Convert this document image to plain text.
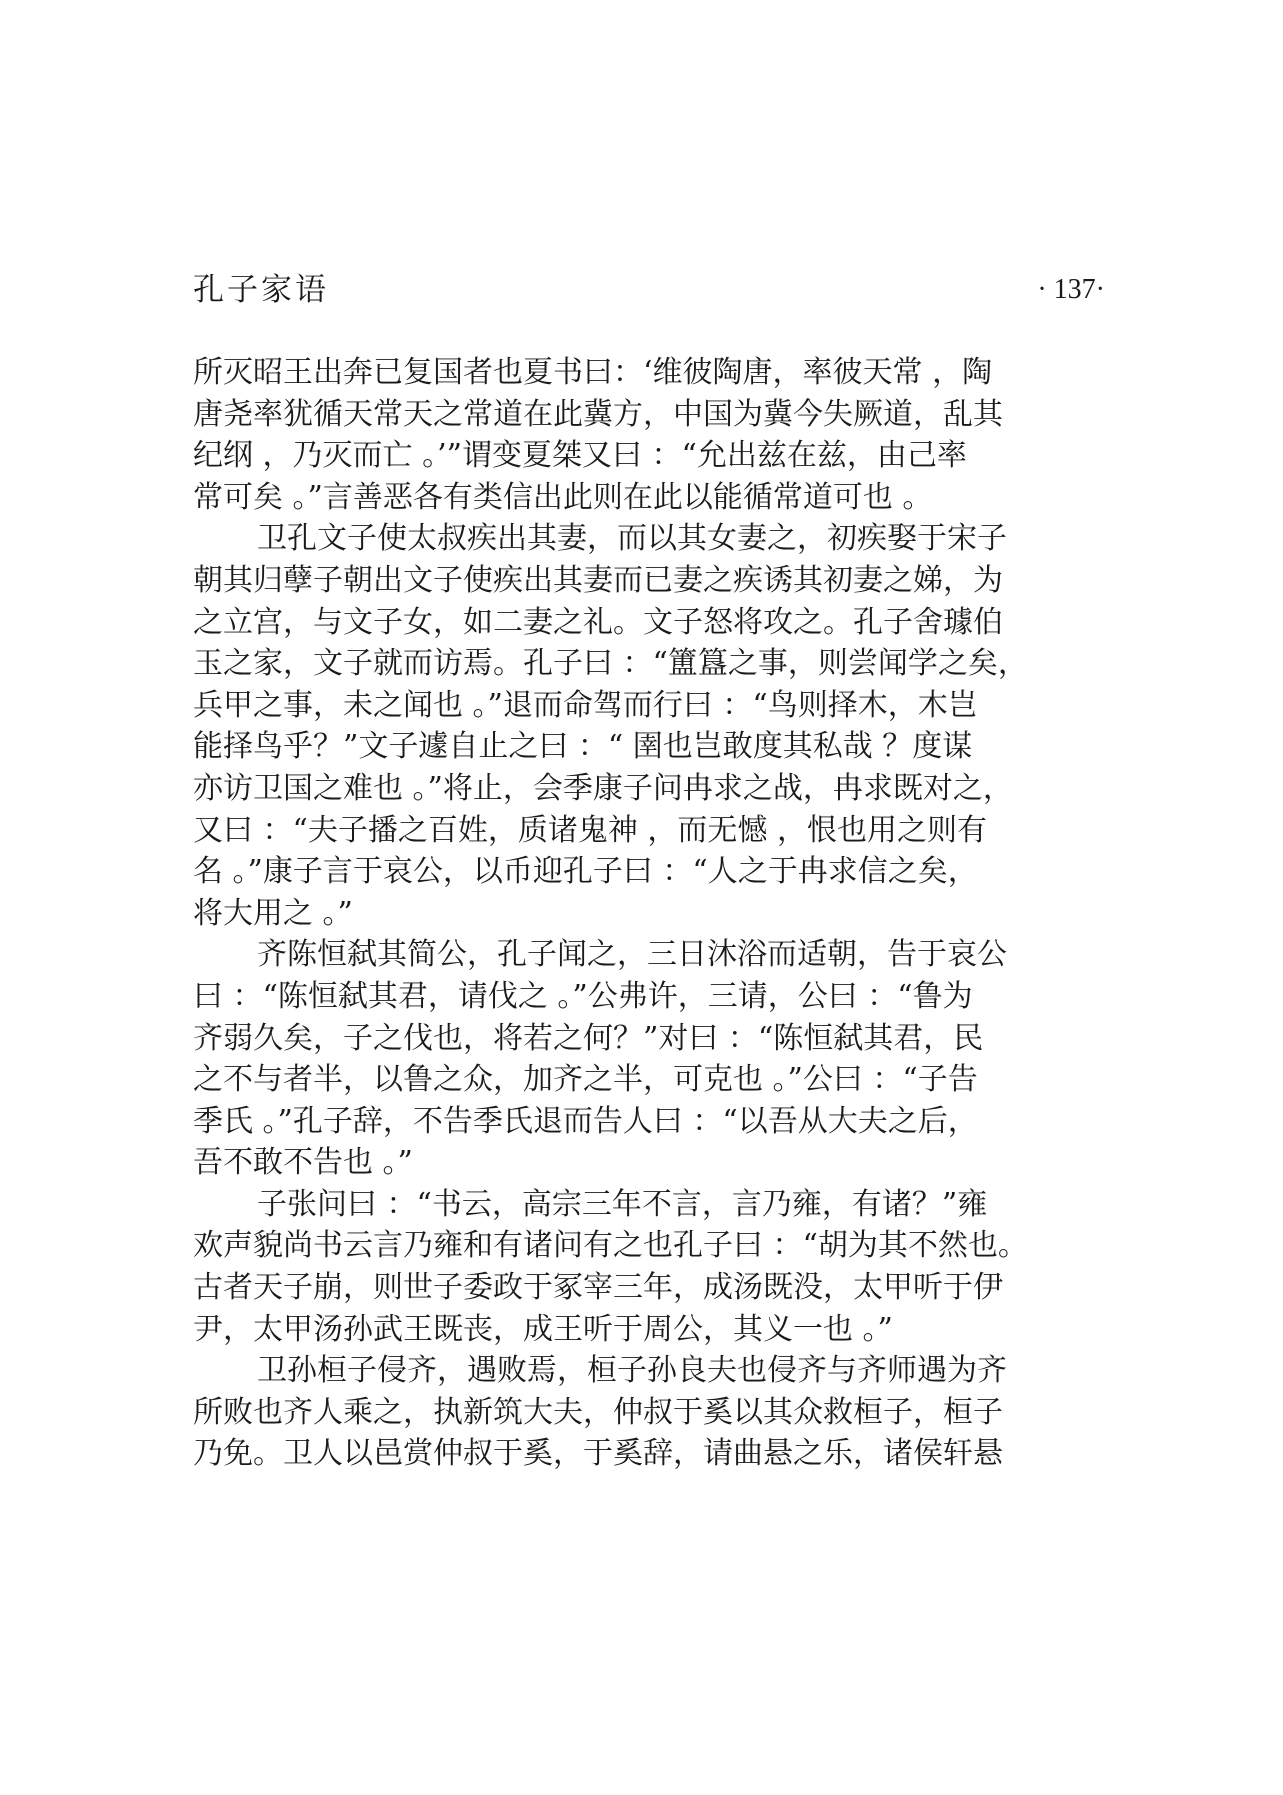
孔子家语	· 137·
所灭昭王出奔已复国者也夏书曰：‘维彼陶唐，率彼天常 ，陶
唐尧率犹循天常天之常道在此冀方，中国为冀今失厥道，乱其
纪纲 ，乃灭而亡 。’”谓变夏桀又曰 ：“允出兹在兹，由己率
常可矣 。”言善恶各有类信出此则在此以能循常道可也 。
卫孔文子使太叔疾出其妻，而以其女妻之，初疾娶于宋子
朝其归孽子朝出文子使疾出其妻而已妻之疾诱其初妻之娣，为
之立宫，与文子女，如二妻之礼。文子怒将攻之。孔子舍璩伯
玉之家，文子就而访焉。孔子曰 ：“簠簋之事，则尝闻学之矣，
兵甲之事，未之闻也 。”退而命驾而行曰 ：“鸟则择木，木岂
能择鸟乎？”文子遽自止之曰 ：“ 圉也岂敢度其私哉 ？度谋
亦访卫国之难也 。”将止，会季康子问冉求之战，冉求既对之，
又曰 ：“夫子播之百姓，质诸鬼神 ，而无憾 ，恨也用之则有
名 。”康子言于哀公，以币迎孔子曰 ：“人之于冉求信之矣，
将大用之 。”
齐陈恒弑其简公，孔子闻之，三日沐浴而适朝，告于哀公
曰 ：“陈恒弑其君，请伐之 。”公弗许，三请，公曰 ：“鲁为
齐弱久矣，子之伐也，将若之何？”对曰 ：“陈恒弑其君，民
之不与者半，以鲁之众，加齐之半，可克也 。”公曰 ：“子告
季氏 。”孔子辞，不告季氏退而告人曰 ：“以吾从大夫之后，
吾不敢不告也 。”
子张问曰 ：“书云，高宗三年不言，言乃雍，有诸？”雍
欢声貌尚书云言乃雍和有诸问有之也孔子曰 ：“胡为其不然也。
古者天子崩，则世子委政于冢宰三年，成汤既没，太甲听于伊
尹，太甲汤孙武王既丧，成王听于周公，其义一也 。”
卫孙桓子侵齐，遇败焉，桓子孙良夫也侵齐与齐师遇为齐
所败也齐人乘之，执新筑大夫，仲叔于奚以其众救桓子，桓子
乃免。卫人以邑赏仲叔于奚，于奚辞，请曲悬之乐，诸侯轩悬
